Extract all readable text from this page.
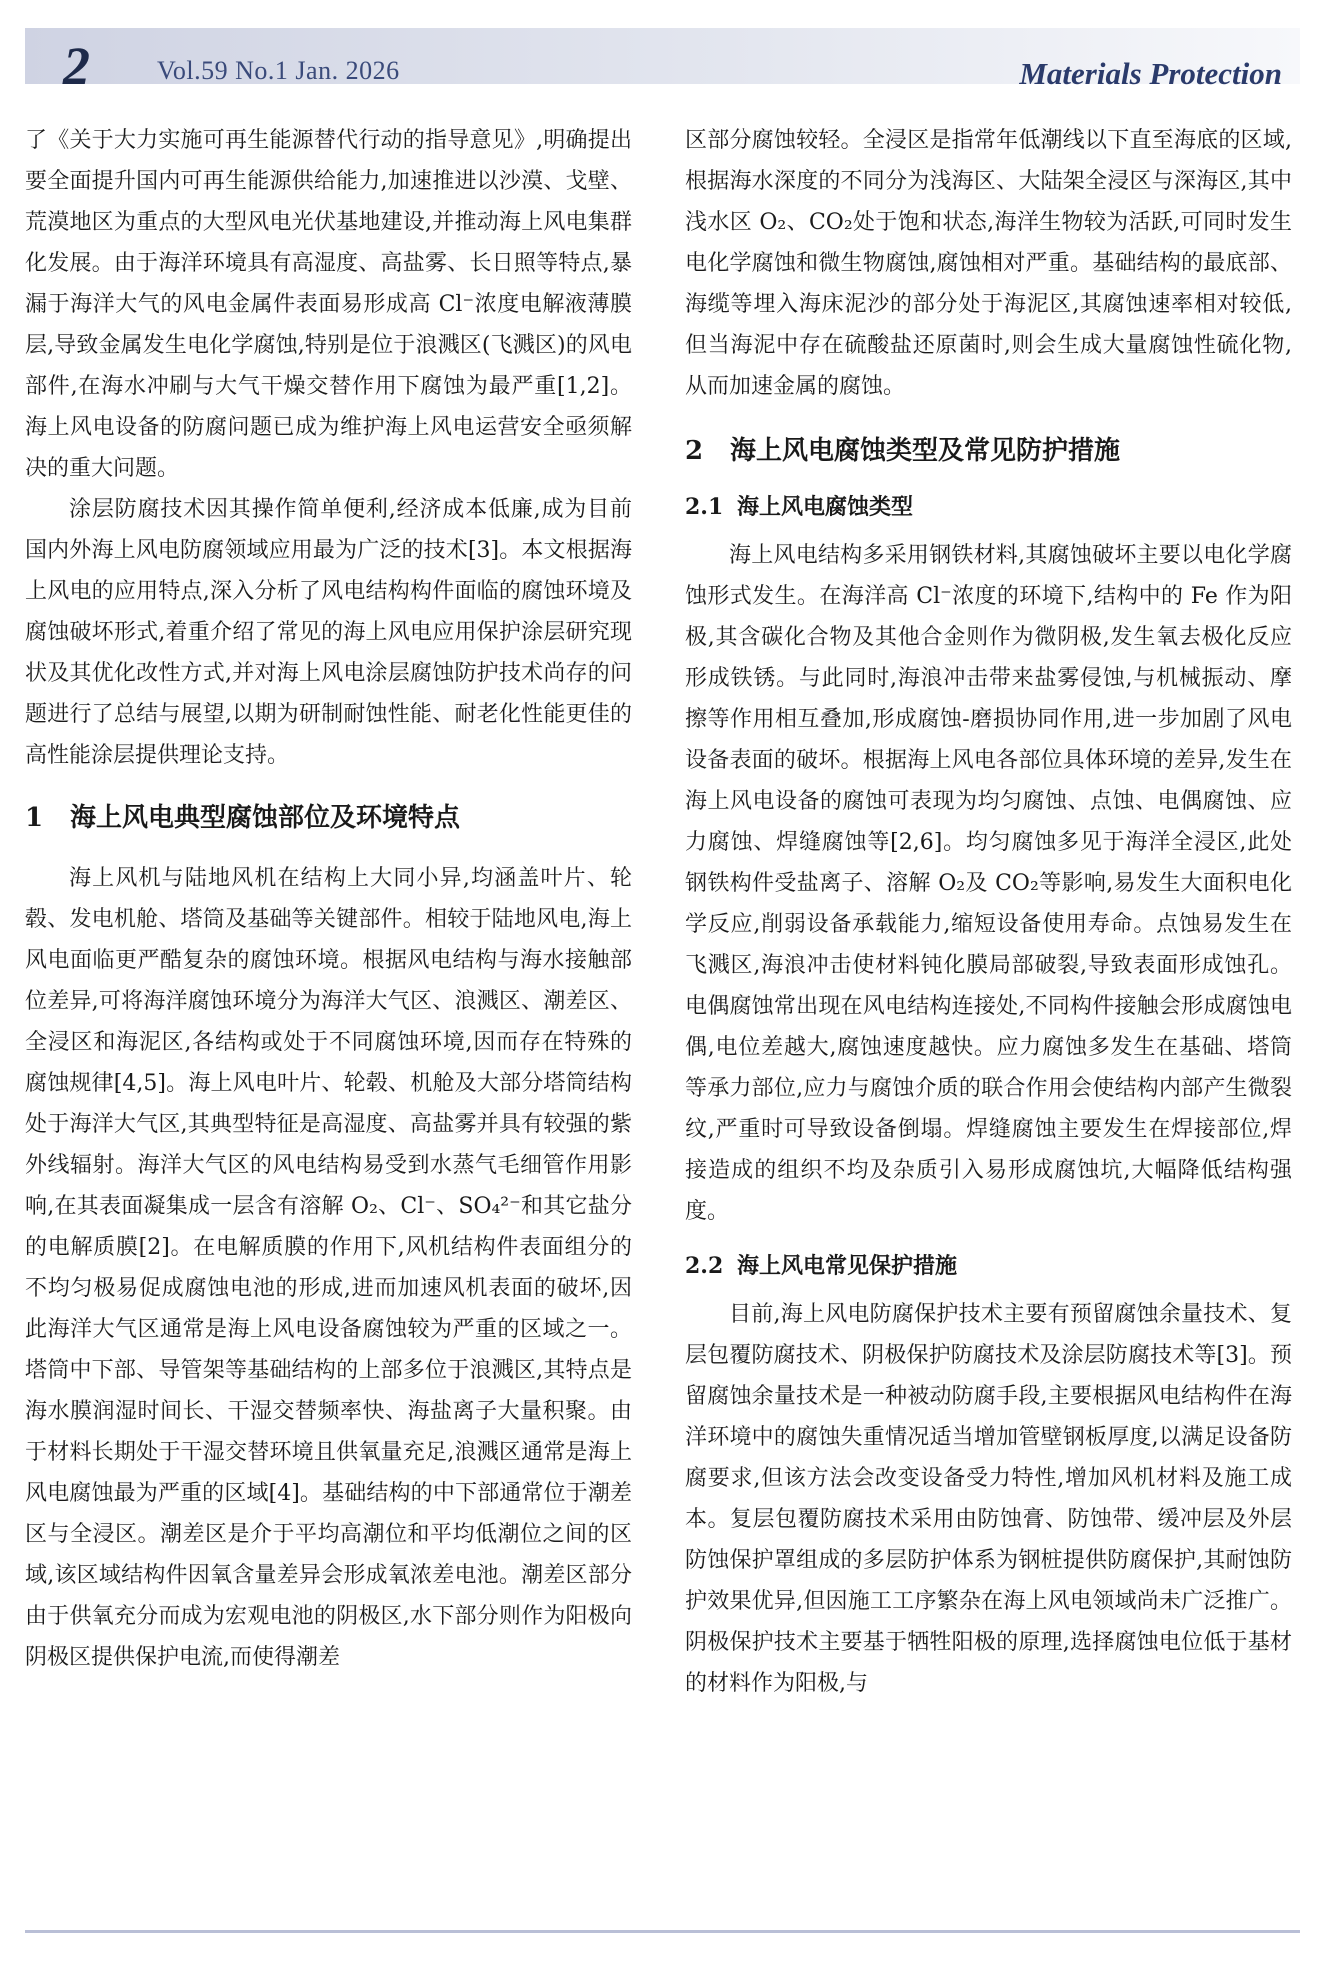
2	Vol.59 No.1 Jan. 2026	Materials Protection

了《关于大力实施可再生能源替代行动的指导意见》,明确提出要全面提升国内可再生能源供给能力,加速推进以沙漠、戈壁、荒漠地区为重点的大型风电光伏基地建设,并推动海上风电集群化发展。由于海洋环境具有高湿度、高盐雾、长日照等特点,暴漏于海洋大气的风电金属件表面易形成高 Cl⁻浓度电解液薄膜层,导致金属发生电化学腐蚀,特别是位于浪溅区(飞溅区)的风电部件,在海水冲刷与大气干燥交替作用下腐蚀为最严重[1,2]。海上风电设备的防腐问题已成为维护海上风电运营安全亟须解决的重大问题。

涂层防腐技术因其操作简单便利,经济成本低廉,成为目前国内外海上风电防腐领域应用最为广泛的技术[3]。本文根据海上风电的应用特点,深入分析了风电结构构件面临的腐蚀环境及腐蚀破坏形式,着重介绍了常见的海上风电应用保护涂层研究现状及其优化改性方式,并对海上风电涂层腐蚀防护技术尚存的问题进行了总结与展望,以期为研制耐蚀性能、耐老化性能更佳的高性能涂层提供理论支持。

1 海上风电典型腐蚀部位及环境特点

海上风机与陆地风机在结构上大同小异,均涵盖叶片、轮毂、发电机舱、塔筒及基础等关键部件。相较于陆地风电,海上风电面临更严酷复杂的腐蚀环境。根据风电结构与海水接触部位差异,可将海洋腐蚀环境分为海洋大气区、浪溅区、潮差区、全浸区和海泥区,各结构或处于不同腐蚀环境,因而存在特殊的腐蚀规律[4,5]。海上风电叶片、轮毂、机舱及大部分塔筒结构处于海洋大气区,其典型特征是高湿度、高盐雾并具有较强的紫外线辐射。海洋大气区的风电结构易受到水蒸气毛细管作用影响,在其表面凝集成一层含有溶解 O₂、Cl⁻、SO₄²⁻和其它盐分的电解质膜[2]。在电解质膜的作用下,风机结构件表面组分的不均匀极易促成腐蚀电池的形成,进而加速风机表面的破坏,因此海洋大气区通常是海上风电设备腐蚀较为严重的区域之一。塔筒中下部、导管架等基础结构的上部多位于浪溅区,其特点是海水膜润湿时间长、干湿交替频率快、海盐离子大量积聚。由于材料长期处于干湿交替环境且供氧量充足,浪溅区通常是海上风电腐蚀最为严重的区域[4]。基础结构的中下部通常位于潮差区与全浸区。潮差区是介于平均高潮位和平均低潮位之间的区域,该区域结构件因氧含量差异会形成氧浓差电池。潮差区部分由于供氧充分而成为宏观电池的阴极区,水下部分则作为阳极向阴极区提供保护电流,而使得潮差

区部分腐蚀较轻。全浸区是指常年低潮线以下直至海底的区域,根据海水深度的不同分为浅海区、大陆架全浸区与深海区,其中浅水区 O₂、CO₂处于饱和状态,海洋生物较为活跃,可同时发生电化学腐蚀和微生物腐蚀,腐蚀相对严重。基础结构的最底部、海缆等埋入海床泥沙的部分处于海泥区,其腐蚀速率相对较低,但当海泥中存在硫酸盐还原菌时,则会生成大量腐蚀性硫化物,从而加速金属的腐蚀。

2 海上风电腐蚀类型及常见防护措施
2.1 海上风电腐蚀类型

海上风电结构多采用钢铁材料,其腐蚀破坏主要以电化学腐蚀形式发生。在海洋高 Cl⁻浓度的环境下,结构中的 Fe 作为阳极,其含碳化合物及其他合金则作为微阴极,发生氧去极化反应形成铁锈。与此同时,海浪冲击带来盐雾侵蚀,与机械振动、摩擦等作用相互叠加,形成腐蚀-磨损协同作用,进一步加剧了风电设备表面的破坏。根据海上风电各部位具体环境的差异,发生在海上风电设备的腐蚀可表现为均匀腐蚀、点蚀、电偶腐蚀、应力腐蚀、焊缝腐蚀等[2,6]。均匀腐蚀多见于海洋全浸区,此处钢铁构件受盐离子、溶解 O₂及 CO₂等影响,易发生大面积电化学反应,削弱设备承载能力,缩短设备使用寿命。点蚀易发生在飞溅区,海浪冲击使材料钝化膜局部破裂,导致表面形成蚀孔。电偶腐蚀常出现在风电结构连接处,不同构件接触会形成腐蚀电偶,电位差越大,腐蚀速度越快。应力腐蚀多发生在基础、塔筒等承力部位,应力与腐蚀介质的联合作用会使结构内部产生微裂纹,严重时可导致设备倒塌。焊缝腐蚀主要发生在焊接部位,焊接造成的组织不均及杂质引入易形成腐蚀坑,大幅降低结构强度。

2.2 海上风电常见保护措施

目前,海上风电防腐保护技术主要有预留腐蚀余量技术、复层包覆防腐技术、阴极保护防腐技术及涂层防腐技术等[3]。预留腐蚀余量技术是一种被动防腐手段,主要根据风电结构件在海洋环境中的腐蚀失重情况适当增加管壁钢板厚度,以满足设备防腐要求,但该方法会改变设备受力特性,增加风机材料及施工成本。复层包覆防腐技术采用由防蚀膏、防蚀带、缓冲层及外层防蚀保护罩组成的多层防护体系为钢桩提供防腐保护,其耐蚀防护效果优异,但因施工工序繁杂在海上风电领域尚未广泛推广。阴极保护技术主要基于牺牲阳极的原理,选择腐蚀电位低于基材的材料作为阳极,与
